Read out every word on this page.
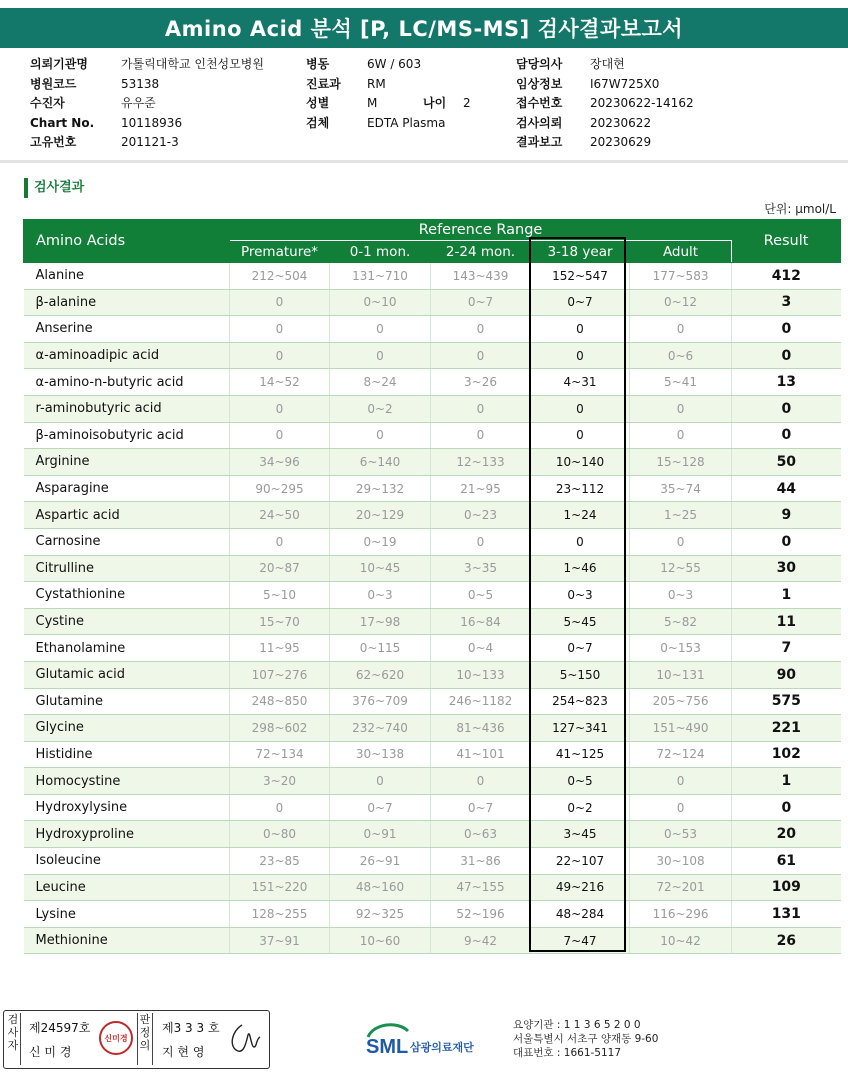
Amino Acid 분석 [P, LC/MS-MS] 검사결과보고서
의뢰기관명	가톨릭대학교 인천성모병원
병원코드	53138
수진자	유우준
Chart No.	10118936
고유번호	201121-3
병동	6W / 603
진료과	RM
성별	M	나이	2
검체	EDTA Plasma
담당의사	장대현
임상정보	I67W725X0
접수번호	20230622-14162
검사의뢰	20230622
결과보고	20230629
검사결과
단위: μmol/L
Amino Acids	Reference Range					Result
	Premature*	0-1 mon.	2-24 mon.	3-18 year	Adult	
Alanine	212~504	131~710	143~439	152~547	177~583	412
β-alanine	0	0~10	0~7	0~7	0~12	3
Anserine	0	0	0	0	0	0
α-aminoadipic acid	0	0	0	0	0~6	0
α-amino-n-butyric acid	14~52	8~24	3~26	4~31	5~41	13
r-aminobutyric acid	0	0~2	0	0	0	0
β-aminoisobutyric acid	0	0	0	0	0	0
Arginine	34~96	6~140	12~133	10~140	15~128	50
Asparagine	90~295	29~132	21~95	23~112	35~74	44
Aspartic acid	24~50	20~129	0~23	1~24	1~25	9
Carnosine	0	0~19	0	0	0	0
Citrulline	20~87	10~45	3~35	1~46	12~55	30
Cystathionine	5~10	0~3	0~5	0~3	0~3	1
Cystine	15~70	17~98	16~84	5~45	5~82	11
Ethanolamine	11~95	0~115	0~4	0~7	0~153	7
Glutamic acid	107~276	62~620	10~133	5~150	10~131	90
Glutamine	248~850	376~709	246~1182	254~823	205~756	575
Glycine	298~602	232~740	81~436	127~341	151~490	221
Histidine	72~134	30~138	41~101	41~125	72~124	102
Homocystine	3~20	0	0	0~5	0	1
Hydroxylysine	0	0~7	0~7	0~2	0	0
Hydroxyproline	0~80	0~91	0~63	3~45	0~53	20
Isoleucine	23~85	26~91	31~86	22~107	30~108	61
Leucine	151~220	48~160	47~155	49~216	72~201	109
Lysine	128~255	92~325	52~196	48~284	116~296	131
Methionine	37~91	10~60	9~42	7~47	10~42	26
검사자
제24597호
신 미 경
신미경
판정의
제3 3 3 호
지 현 영	SML 삼광의료재단
요양기관 : 1 1 3 6 5 2 0 0
서울특별시 서초구 양재동 9-60
대표번호 : 1661-5117
